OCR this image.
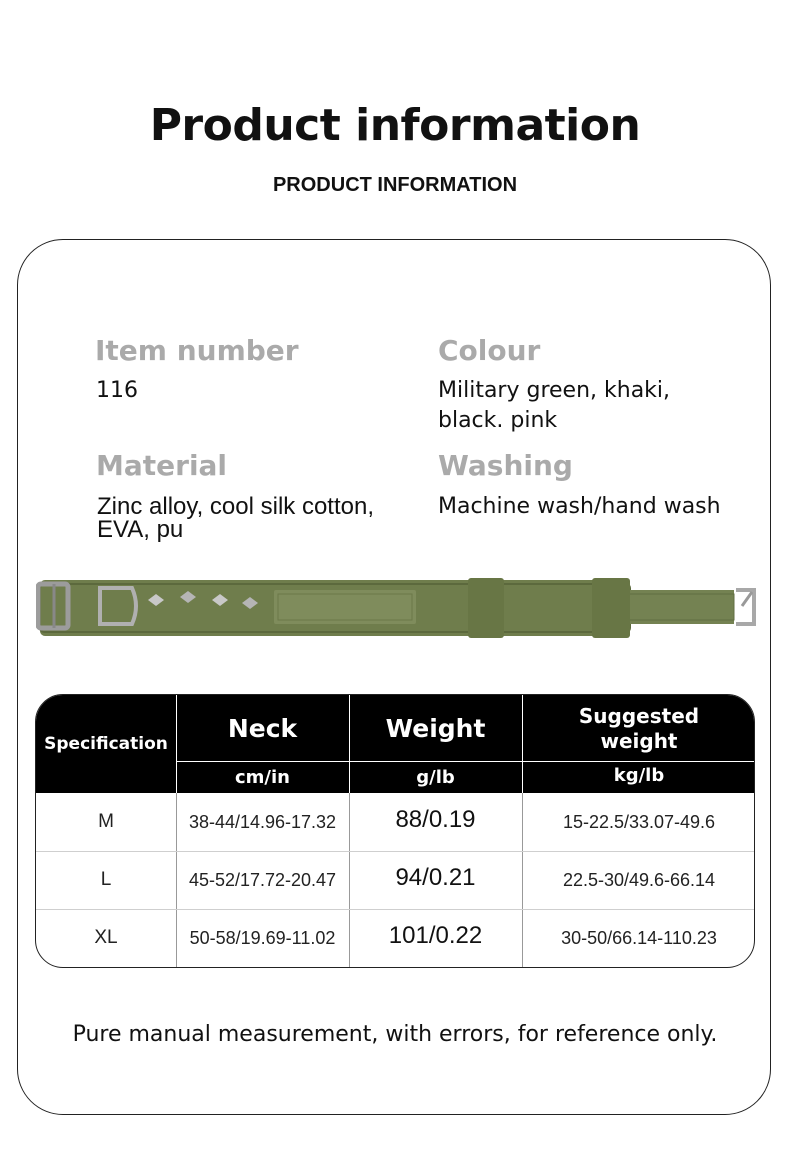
Product information
PRODUCT INFORMATION
Item number
116
Colour
Military green, khaki,
black. pink
Material
Zinc alloy, cool silk cotton,
EVA, pu
Washing
Machine wash/hand wash
Specification
Neck	Weight	Suggested
weight
cm/in	g/lb	kg/lb
M	38-44/14.96-17.32	88/0.19	15-22.5/33.07-49.6
L	45-52/17.72-20.47	94/0.21	22.5-30/49.6-66.14
XL	50-58/19.69-11.02	101/0.22	30-50/66.14-110.23
Pure manual measurement, with errors, for reference only.
